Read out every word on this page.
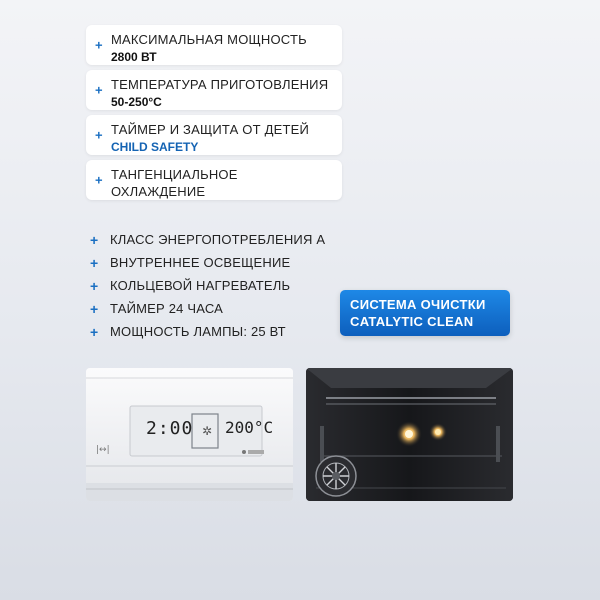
+ МАКСИМАЛЬНАЯ МОЩНОСТЬ
2800 ВТ
+ ТЕМПЕРАТУРА ПРИГОТОВЛЕНИЯ
50-250°С
+ ТАЙМЕР И ЗАЩИТА ОТ ДЕТЕЙ
CHILD SAFETY
+ ТАНГЕНЦИАЛЬНОЕ
ОХЛАЖДЕНИЕ
+ КЛАСС ЭНЕРГОПОТРЕБЛЕНИЯ А
+ ВНУТРЕННЕЕ ОСВЕЩЕНИЕ
+ КОЛЬЦЕВОЙ НАГРЕВАТЕЛЬ
+ ТАЙМЕР 24 ЧАСА
+ МОЩНОСТЬ ЛАМПЫ: 25 ВТ
СИСТЕМА ОЧИСТКИ
CATALYTIC CLEAN
✲
|↔|
2:00 200°C
